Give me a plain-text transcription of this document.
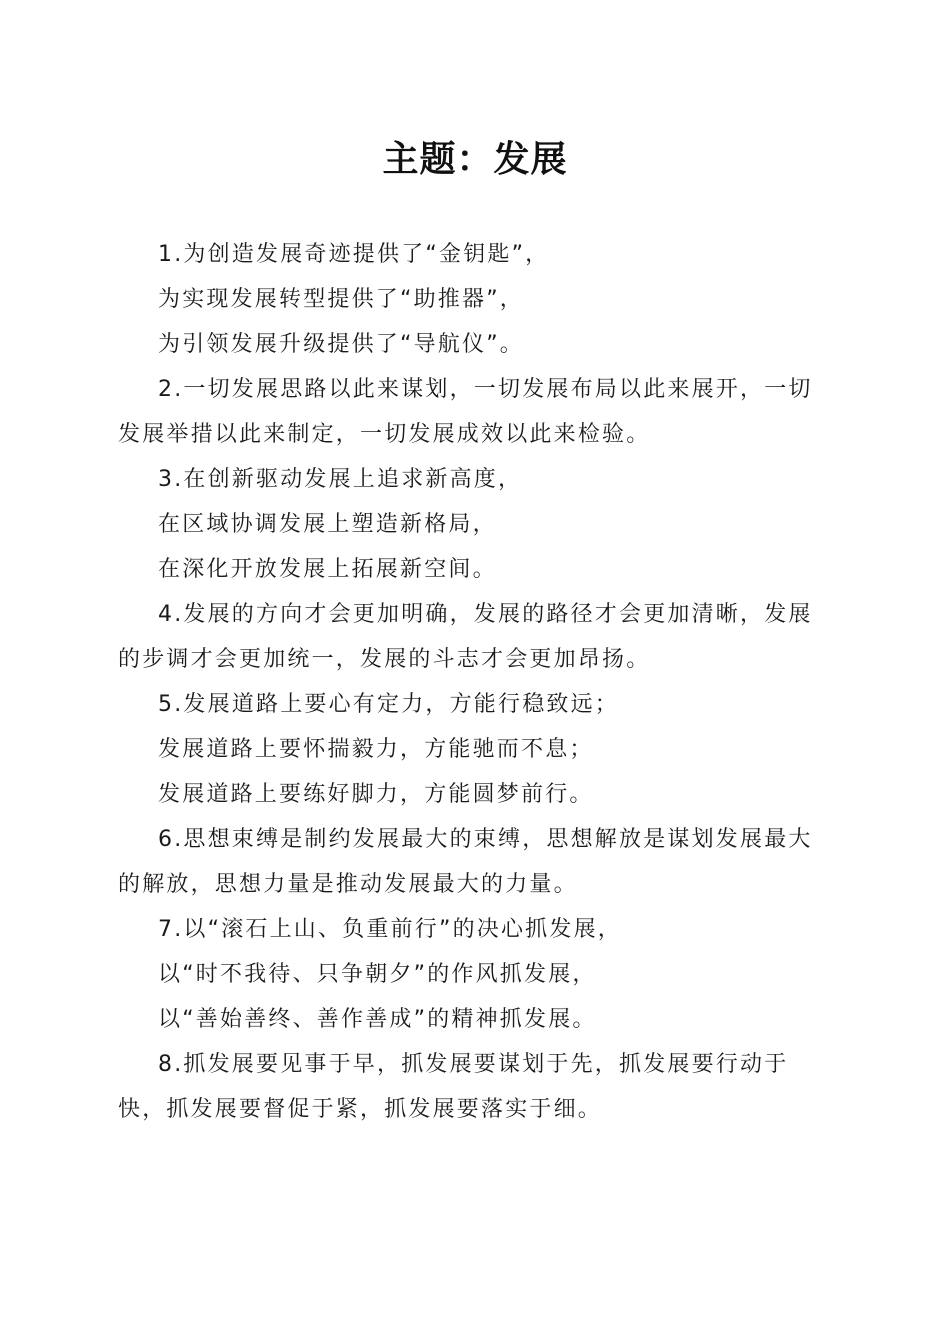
主题：发展

1.为创造发展奇迹提供了“金钥匙”，

为实现发展转型提供了“助推器”，

为引领发展升级提供了“导航仪”。

2.一切发展思路以此来谋划，一切发展布局以此来展开，一切发展举措以此来制定，一切发展成效以此来检验。

3.在创新驱动发展上追求新高度，

在区域协调发展上塑造新格局，

在深化开放发展上拓展新空间。

4.发展的方向才会更加明确，发展的路径才会更加清晰，发展的步调才会更加统一，发展的斗志才会更加昂扬。

5.发展道路上要心有定力，方能行稳致远；

发展道路上要怀揣毅力，方能驰而不息；

发展道路上要练好脚力，方能圆梦前行。

6.思想束缚是制约发展最大的束缚，思想解放是谋划发展最大的解放，思想力量是推动发展最大的力量。

7.以“滚石上山、负重前行”的决心抓发展，

以“时不我待、只争朝夕”的作风抓发展，

以“善始善终、善作善成”的精神抓发展。

8.抓发展要见事于早，抓发展要谋划于先，抓发展要行动于快，抓发展要督促于紧，抓发展要落实于细。
